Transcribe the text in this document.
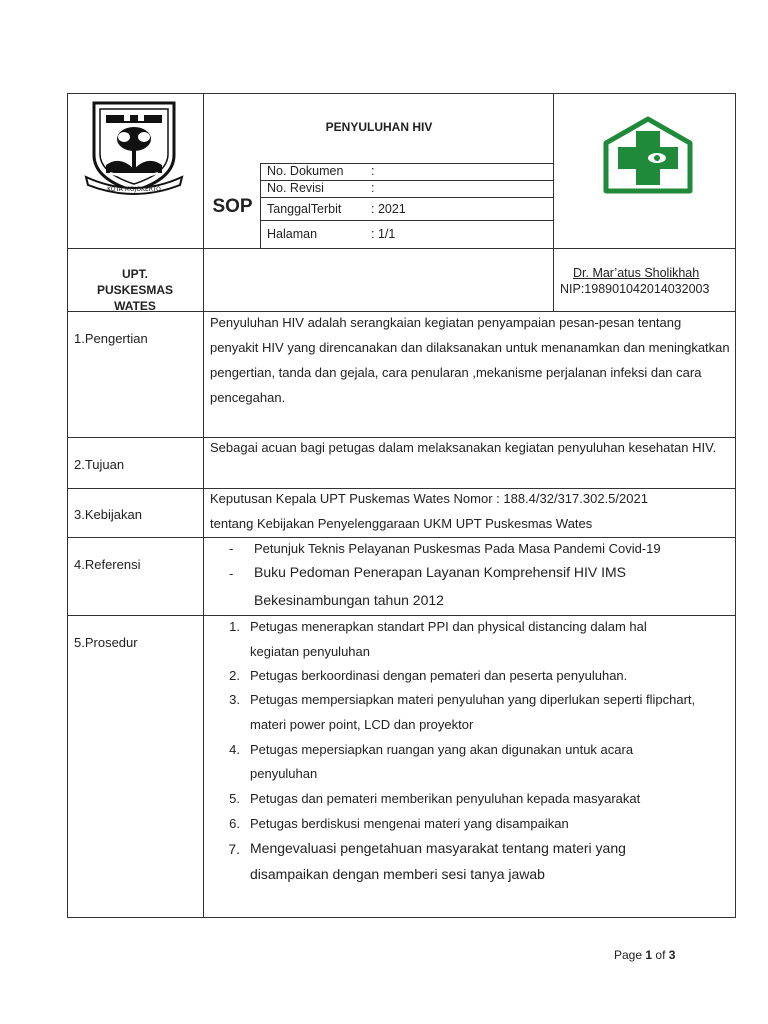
KOTA MOJOKERTO
PENYULUHAN HIV
SOP
No. Dokumen :
No. Revisi	:
TanggalTerbit : 2021
Halaman	: 1/1
UPT.
PUSKESMAS
WATES
Dr. Mar’atus Sholikhah
NIP:198901042014032003
1.Pengertian
Penyuluhan HIV adalah serangkaian kegiatan penyampaian pesan-pesan tentang penyakit HIV yang direncanakan dan dilaksanakan untuk menanamkan dan meningkatkan pengertian, tanda dan gejala, cara penularan ,mekanisme perjalanan infeksi dan cara pencegahan.
2.Tujuan
Sebagai acuan bagi petugas dalam melaksanakan kegiatan penyuluhan kesehatan HIV.
3.Kebijakan
Keputusan Kepala UPT Puskemas Wates Nomor : 188.4/32/317.302.5/2021
tentang Kebijakan Penyelenggaraan UKM UPT Puskesmas Wates
4.Referensi
- Petunjuk Teknis Pelayanan Puskesmas Pada Masa Pandemi Covid-19
- Buku Pedoman Penerapan Layanan Komprehensif HIV IMS
Bekesinambungan tahun 2012
5.Prosedur
1. Petugas menerapkan standart PPI dan physical distancing dalam hal
kegiatan penyuluhan
2. Petugas berkoordinasi dengan pemateri dan peserta penyuluhan.
3. Petugas mempersiapkan materi penyuluhan yang diperlukan seperti flipchart,
materi power point, LCD dan proyektor
4. Petugas mepersiapkan ruangan yang akan digunakan untuk acara
penyuluhan
5. Petugas dan pemateri memberikan penyuluhan kepada masyarakat
6. Petugas berdiskusi mengenai materi yang disampaikan
7. Mengevaluasi pengetahuan masyarakat tentang materi yang
disampaikan dengan memberi sesi tanya jawab
Page 1 of 3
